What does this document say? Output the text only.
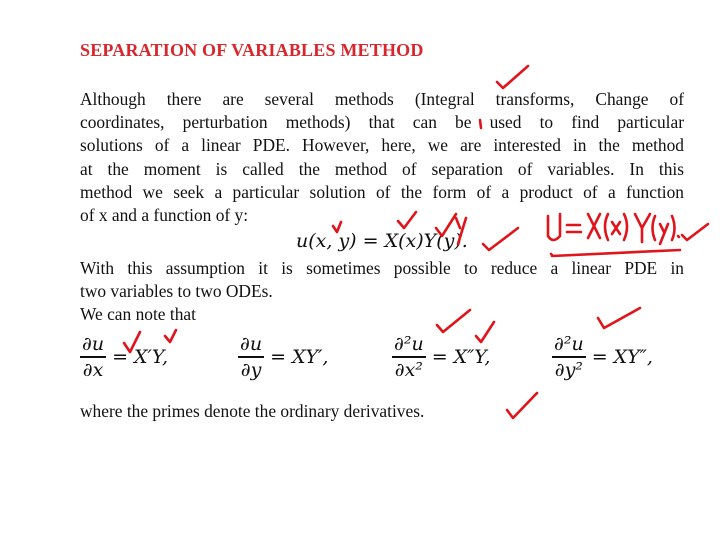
SEPARATION OF VARIABLES METHOD
Although there are several methods (Integral transforms, Change of
coordinates, perturbation methods) that can be used to find particular
solutions of a linear PDE. However, here, we are interested in the method
at the moment is called the method of separation of variables. In this
method we seek a particular solution of the form of a product of a function
of x and a function of y:
u(x, y) = X(x)Y(y).
With this assumption it is sometimes possible to reduce a linear PDE in
two variables to two ODEs.
We can note that
$\frac{\partial u}{\partial x} = X'Y$,	$\frac{\partial u}{\partial y} = XY'$,	$\frac{\text{∂²u}}{\text{∂x²}} = X''Y$,	$\frac{\text{∂²u}}{\text{∂y²}} = XY''$,
where the primes denote the ordinary derivatives.
